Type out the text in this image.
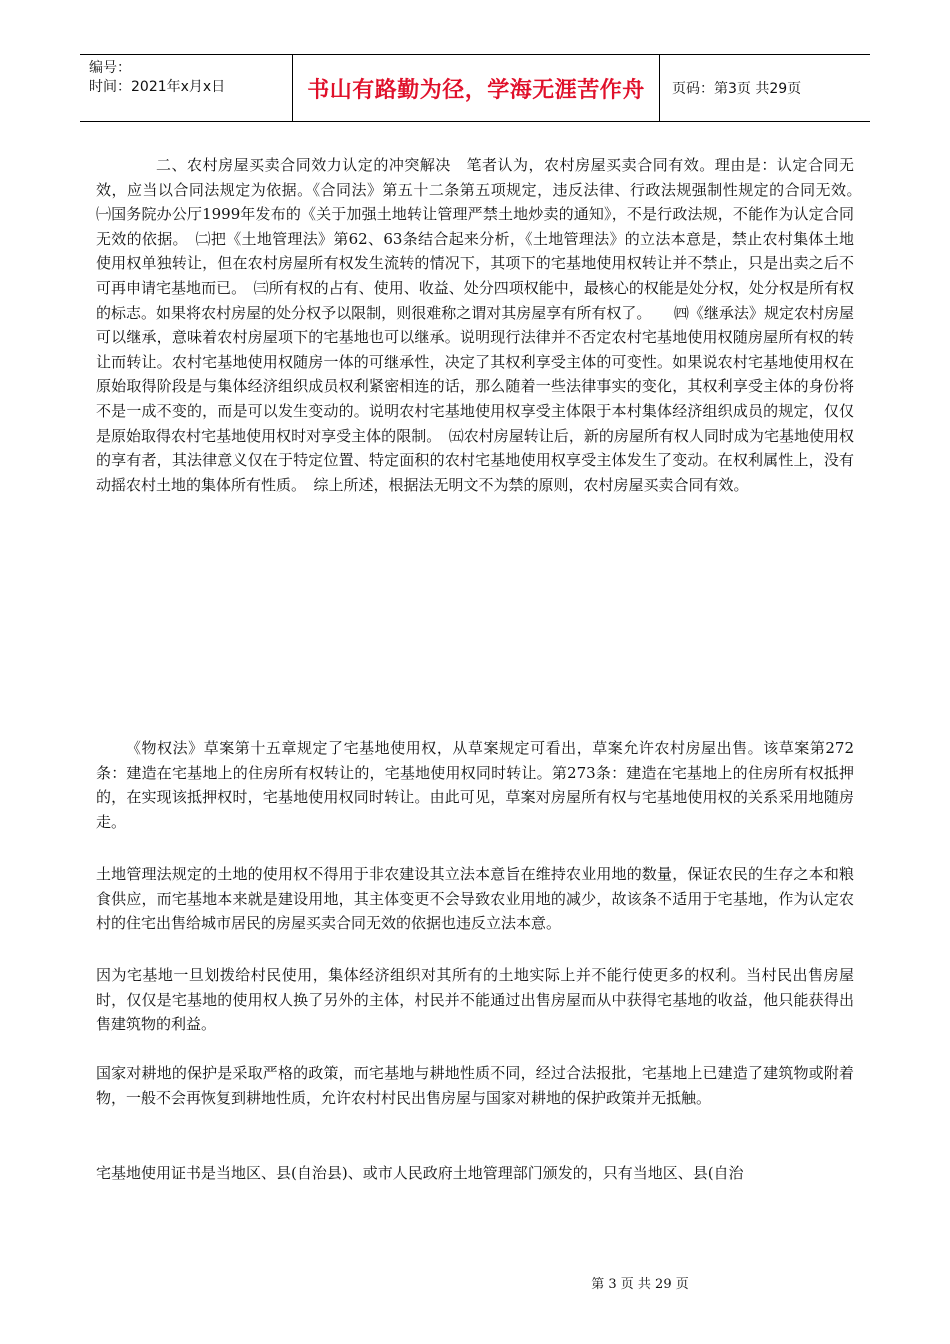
编号：
时间：2021年x月x日	书山有路勤为径，学海无涯苦作舟	页码：第3页 共29页

二、农村房屋买卖合同效力认定的冲突解决　笔者认为，农村房屋买卖合同有效。理由是：认定合同无效，应当以合同法规定为依据。《合同法》第五十二条第五项规定，违反法律、行政法规强制性规定的合同无效。　㈠国务院办公厅1999年发布的《关于加强土地转让管理严禁土地炒卖的通知》，不是行政法规，不能作为认定合同无效的依据。　㈡把《土地管理法》第62、63条结合起来分析，《土地管理法》的立法本意是，禁止农村集体土地使用权单独转让，但在农村房屋所有权发生流转的情况下，其项下的宅基地使用权转让并不禁止，只是出卖之后不可再申请宅基地而已。　㈢所有权的占有、使用、收益、处分四项权能中，最核心的权能是处分权，处分权是所有权的标志。如果将农村房屋的处分权予以限制，则很难称之谓对其房屋享有所有权了。　　㈣《继承法》规定农村房屋可以继承，意味着农村房屋项下的宅基地也可以继承。说明现行法律并不否定农村宅基地使用权随房屋所有权的转让而转让。农村宅基地使用权随房一体的可继承性，决定了其权利享受主体的可变性。如果说农村宅基地使用权在原始取得阶段是与集体经济组织成员权利紧密相连的话，那么随着一些法律事实的变化，其权利享受主体的身份将不是一成不变的，而是可以发生变动的。说明农村宅基地使用权享受主体限于本村集体经济组织成员的规定，仅仅是原始取得农村宅基地使用权时对享受主体的限制。　㈤农村房屋转让后，新的房屋所有权人同时成为宅基地使用权的享有者，其法律意义仅在于特定位置、特定面积的农村宅基地使用权享受主体发生了变动。在权利属性上，没有动摇农村土地的集体所有性质。　综上所述，根据法无明文不为禁的原则，农村房屋买卖合同有效。

《物权法》草案第十五章规定了宅基地使用权，从草案规定可看出，草案允许农村房屋出售。该草案第272条：建造在宅基地上的住房所有权转让的，宅基地使用权同时转让。第273条：建造在宅基地上的住房所有权抵押的，在实现该抵押权时，宅基地使用权同时转让。由此可见，草案对房屋所有权与宅基地使用权的关系采用地随房走。

土地管理法规定的土地的使用权不得用于非农建设其立法本意旨在维持农业用地的数量，保证农民的生存之本和粮食供应，而宅基地本来就是建设用地，其主体变更不会导致农业用地的减少，故该条不适用于宅基地，作为认定农村的住宅出售给城市居民的房屋买卖合同无效的依据也违反立法本意。

因为宅基地一旦划拨给村民使用，集体经济组织对其所有的土地实际上并不能行使更多的权利。当村民出售房屋时，仅仅是宅基地的使用权人换了另外的主体，村民并不能通过出售房屋而从中获得宅基地的收益，他只能获得出售建筑物的利益。

国家对耕地的保护是采取严格的政策，而宅基地与耕地性质不同，经过合法报批，宅基地上已建造了建筑物或附着物，一般不会再恢复到耕地性质，允许农村村民出售房屋与国家对耕地的保护政策并无抵触。

宅基地使用证书是当地区、县(自治县)、或市人民政府土地管理部门颁发的，只有当地区、县(自治

第 3 页 共 29 页
